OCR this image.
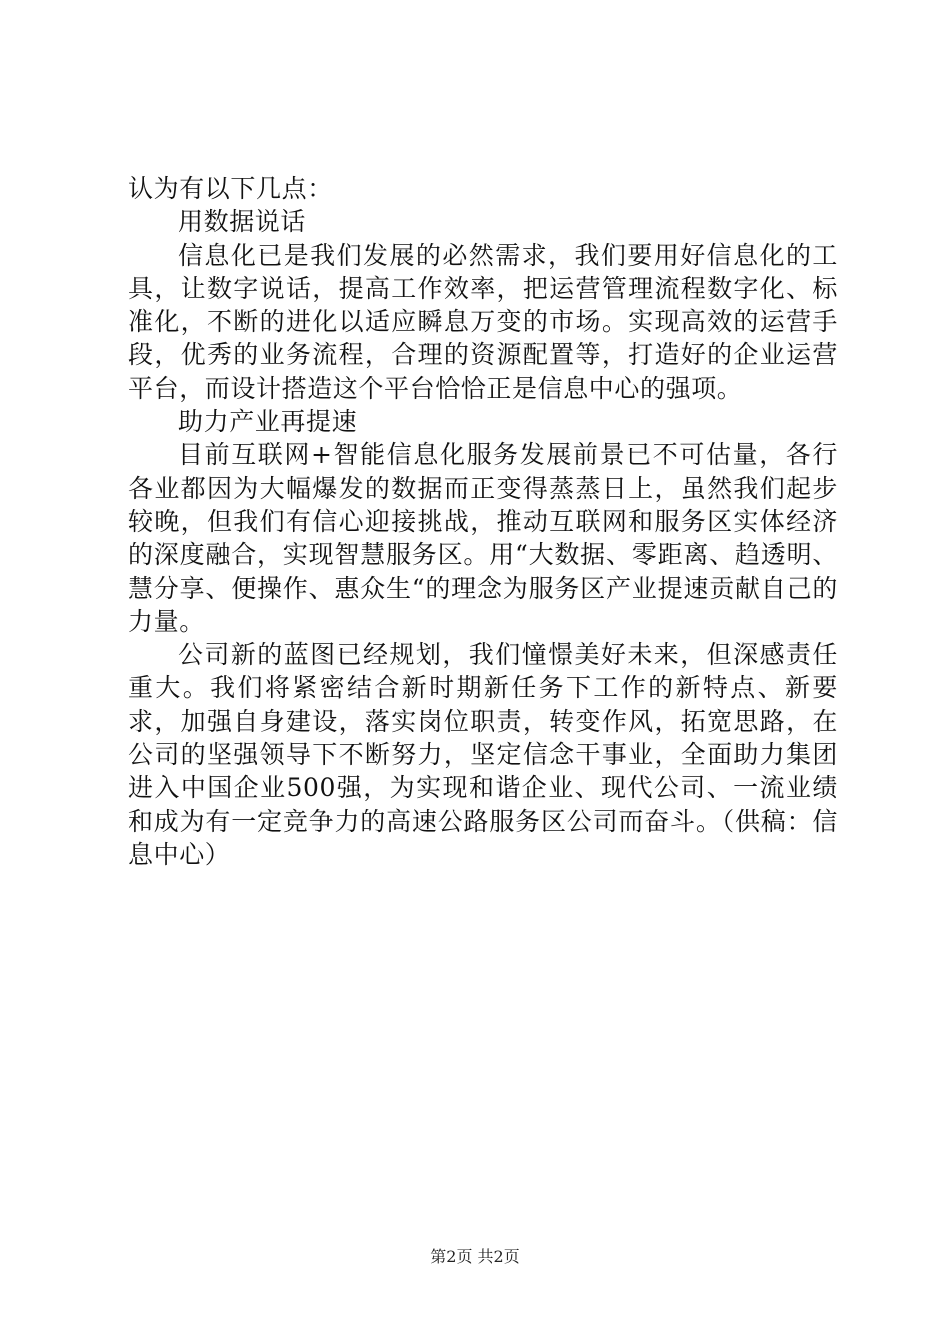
认为有以下几点：

用数据说话

信息化已是我们发展的必然需求，我们要用好信息化的工具，让数字说话，提高工作效率，把运营管理流程数字化、标准化，不断的进化以适应瞬息万变的市场。实现高效的运营手段，优秀的业务流程，合理的资源配置等，打造好的企业运营平台，而设计搭造这个平台恰恰正是信息中心的强项。

助力产业再提速

目前互联网+智能信息化服务发展前景已不可估量，各行各业都因为大幅爆发的数据而正变得蒸蒸日上，虽然我们起步较晚，但我们有信心迎接挑战，推动互联网和服务区实体经济的深度融合，实现智慧服务区。用“大数据、零距离、趋透明、慧分享、便操作、惠众生“的理念为服务区产业提速贡献自己的力量。

公司新的蓝图已经规划，我们憧憬美好未来，但深感责任重大。我们将紧密结合新时期新任务下工作的新特点、新要求，加强自身建设，落实岗位职责，转变作风，拓宽思路，在公司的坚强领导下不断努力，坚定信念干事业，全面助力集团进入中国企业500强，为实现和谐企业、现代公司、一流业绩和成为有一定竞争力的高速公路服务区公司而奋斗。（供稿：信息中心）

第2页 共2页
